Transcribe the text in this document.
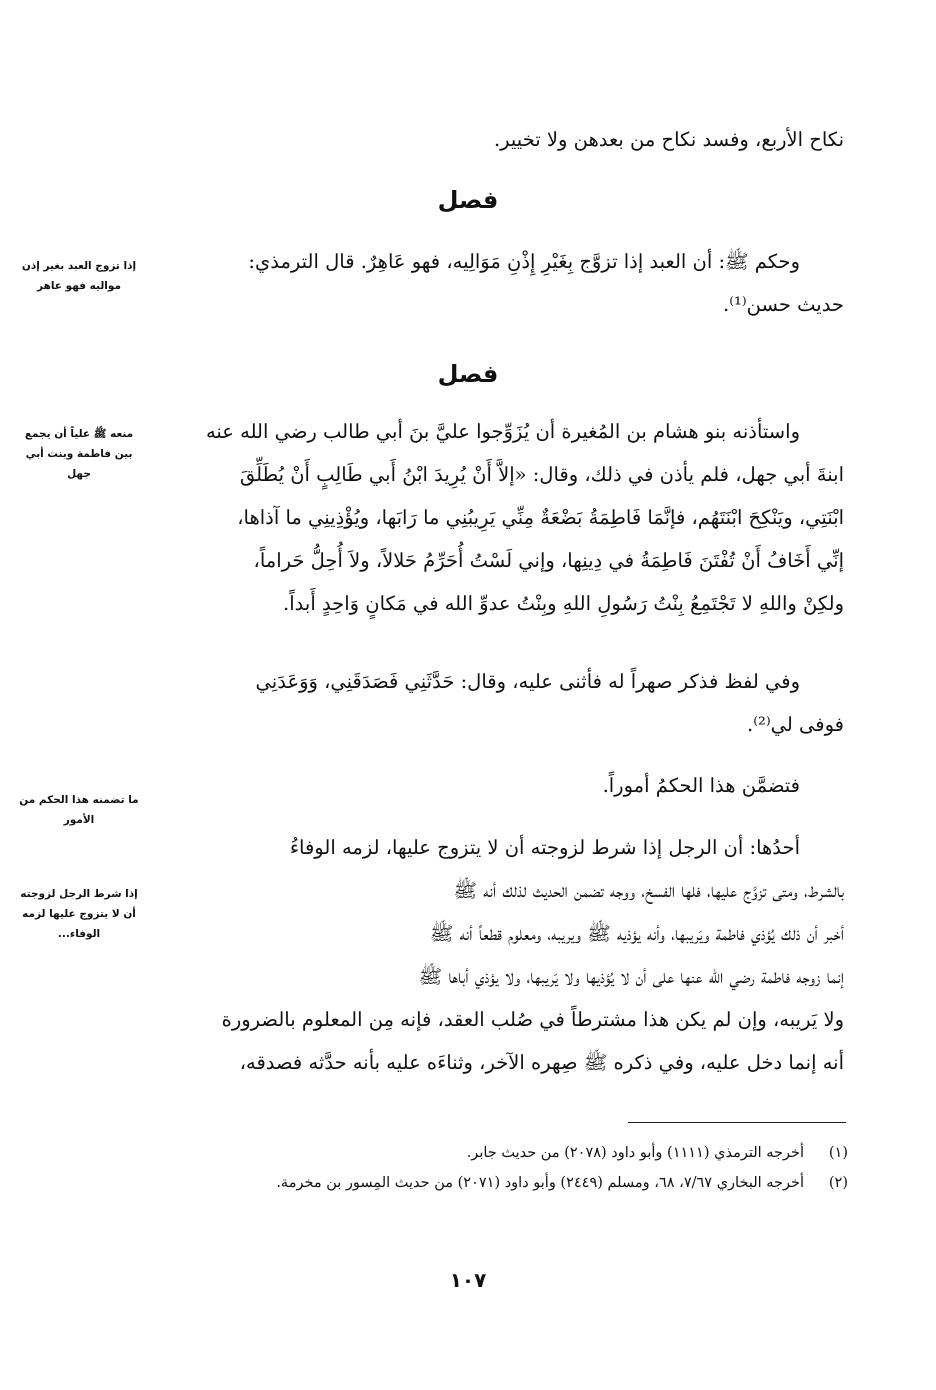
نكاح الأربع، وفسد نكاح من بعدهن ولا تخيير.

فصل

وحكم ﷺ: أن العبد إذا تزوَّج بِغَيْرِ إِذْنِ مَوَالِيه، فهو عَاهِرٌ. قال الترمذي:

حديث حسن⁽¹⁾.

إذا تزوج العبد بغير إذن مواليه فهو عاهر

فصل

واستأذنه بنو هشام بن المُغيرة أن يُزَوِّجوا عليَّ بنَ أبي طالب رضي الله عنه

ابنةَ أبي جهل، فلم يأذن في ذلك، وقال: «إلاَّ أَنْ يُرِيدَ ابْنُ أَبي طَالِبٍ أَنْ يُطَلِّقَ

ابْنَتِي، ويَنْكِحَ ابْنَتَهُم، فإنَّمَا فَاطِمَةُ بَضْعَةٌ مِنِّي يَرِيبُنِي ما رَابَها، ويُؤْذِينِي ما آذاها،

إنِّي أَخَافُ أَنْ تُفْتَنَ فَاطِمَةُ في دِينِها، وإني لَسْتُ أُحَرِّمُ حَلالاً، ولاَ أُحِلُّ حَراماً،

ولكِنْ واللهِ لا تَجْتَمِعُ بِنْتُ رَسُولِ اللهِ وبِنْتُ عدوِّ الله في مَكانٍ وَاحِدٍ أَبداً.

منعه ﷺ علياً أن يجمع بين فاطمة وبنت أبي جهل

وفي لفظ فذكر صهراً له فأثنى عليه، وقال: حَدَّثَنِي فَصَدَقَنِي، وَوَعَدَنِي

فوفى لي⁽²⁾.

فتضمَّن هذا الحكمُ أموراً.

ما تضمنه هذا الحكم من الأمور

أحدُها: أن الرجل إذا شرط لزوجته أن لا يتزوج عليها، لزمه الوفاءُ

بالشرط، ومتى تزوَّج عليها، فلها الفسخ، ووجه تضمن الحديث لذلك أنه ﷺ

أخبر أن ذلك يُؤذي فاطمة ويَريبها، وأنه يؤذيه ﷺ ويريبه، ومعلوم قطعاً أنه ﷺ

إنما زوجه فاطمة رضي الله عنها على أن لا يُؤذيها ولا يَريبها، ولا يؤذي أباها ﷺ

ولا يَريبه، وإن لم يكن هذا مشترطاً في صُلب العقد، فإنه مِن المعلوم بالضرورة

أنه إنما دخل عليه، وفي ذكره ﷺ صِهره الآخر، وثناءَه عليه بأنه حدَّثه فصدقه،

إذا شرط الرجل لزوجته أن لا يتزوج عليها لزمه الوفاء...

(١)
أخرجه الترمذي (١١١١) وأبو داود (٢٠٧٨) من حديث جابر.
(٢)
أخرجه البخاري ٧/٦٧، ٦٨، ومسلم (٢٤٤٩) وأبو داود (٢٠٧١) من حديث المِسور بن مخرمة.
١٠٧
